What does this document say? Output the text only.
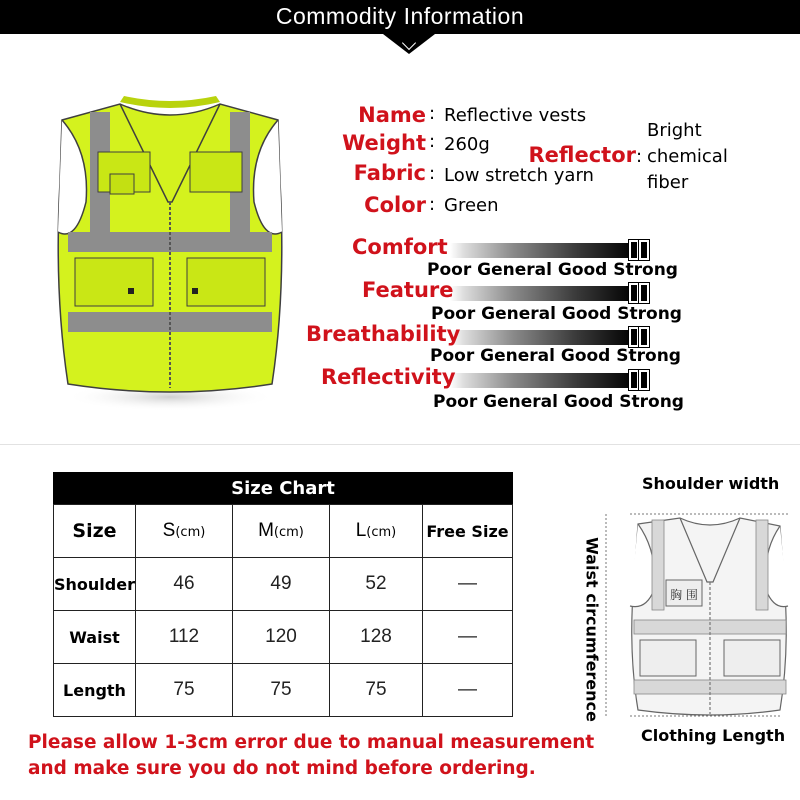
Commodity Information
Name : Reflective vests
Weight : 260g
Fabric : Low stretch yarn
Color : Green
Reflector :
Bright
chemical
fiber
Comfort
Poor General Good Strong
Feature
Poor General Good Strong
Breathability
Poor General Good Strong
Reflectivity
Poor General Good Strong
Size Chart
Size	S(cm)	M(cm)	L(cm)	Free Size
Shoulder	46	49	52	—
Waist	112	120	128	—
Length	75	75	75	—
Please allow 1-3cm error due to manual measurement
and make sure you do not mind before ordering.
Shoulder width
Clothing Length
Waist circumference	胸 围
